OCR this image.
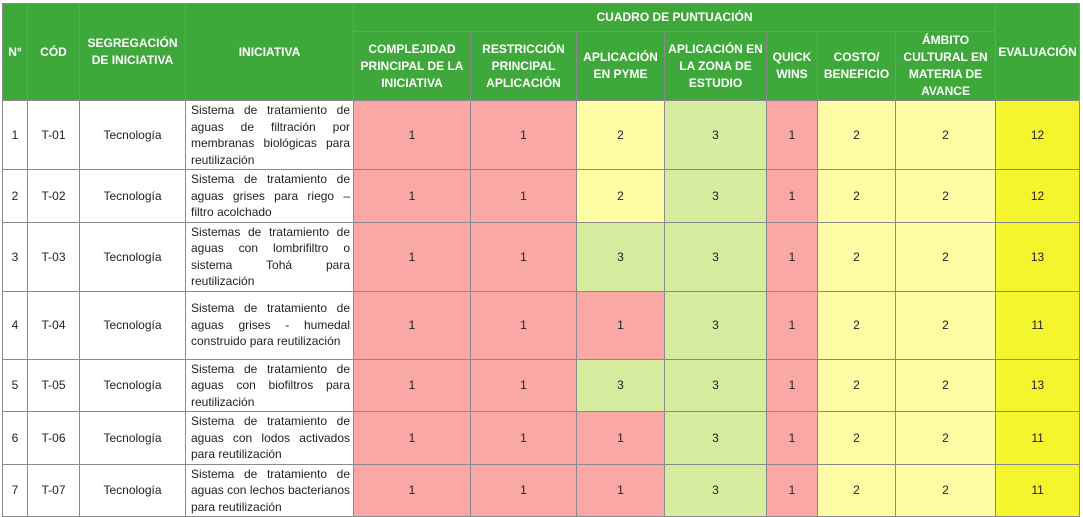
N°	CÓD	SEGREGACIÓN DE INICIATIVA	INICIATIVA	CUADRO DE PUNTUACIÓN							EVALUACIÓN
				COMPLEJIDAD PRINCIPAL DE LA INICIATIVA	RESTRICCIÓN PRINCIPAL APLICACIÓN	APLICACIÓN EN PYME	APLICACIÓN EN LA ZONA DE ESTUDIO	QUICK WINS	COSTO/ BENEFICIO	ÁMBITO CULTURAL EN MATERIA DE AVANCE	
1	T-01	Tecnología	Sistema de tratamiento de aguas de filtración por membranas biológicas para reutilización	1	1	2	3	1	2	2	12
2	T-02	Tecnología	Sistema de tratamiento de aguas grises para riego – filtro acolchado	1	1	2	3	1	2	2	12
3	T-03	Tecnología	Sistemas de tratamiento de aguas con lombrifiltro o sistema Tohá para reutilización	1	1	3	3	1	2	2	13
4	T-04	Tecnología	Sistema de tratamiento de aguas grises - humedal construido para reutilización	1	1	1	3	1	2	2	11
5	T-05	Tecnología	Sistema de tratamiento de aguas con biofiltros para reutilización	1	1	3	3	1	2	2	13
6	T-06	Tecnología	Sistema de tratamiento de aguas con lodos activados para reutilización	1	1	1	3	1	2	2	11
7	T-07	Tecnología	Sistema de tratamiento de aguas con lechos bacterianos para reutilización	1	1	1	3	1	2	2	11
